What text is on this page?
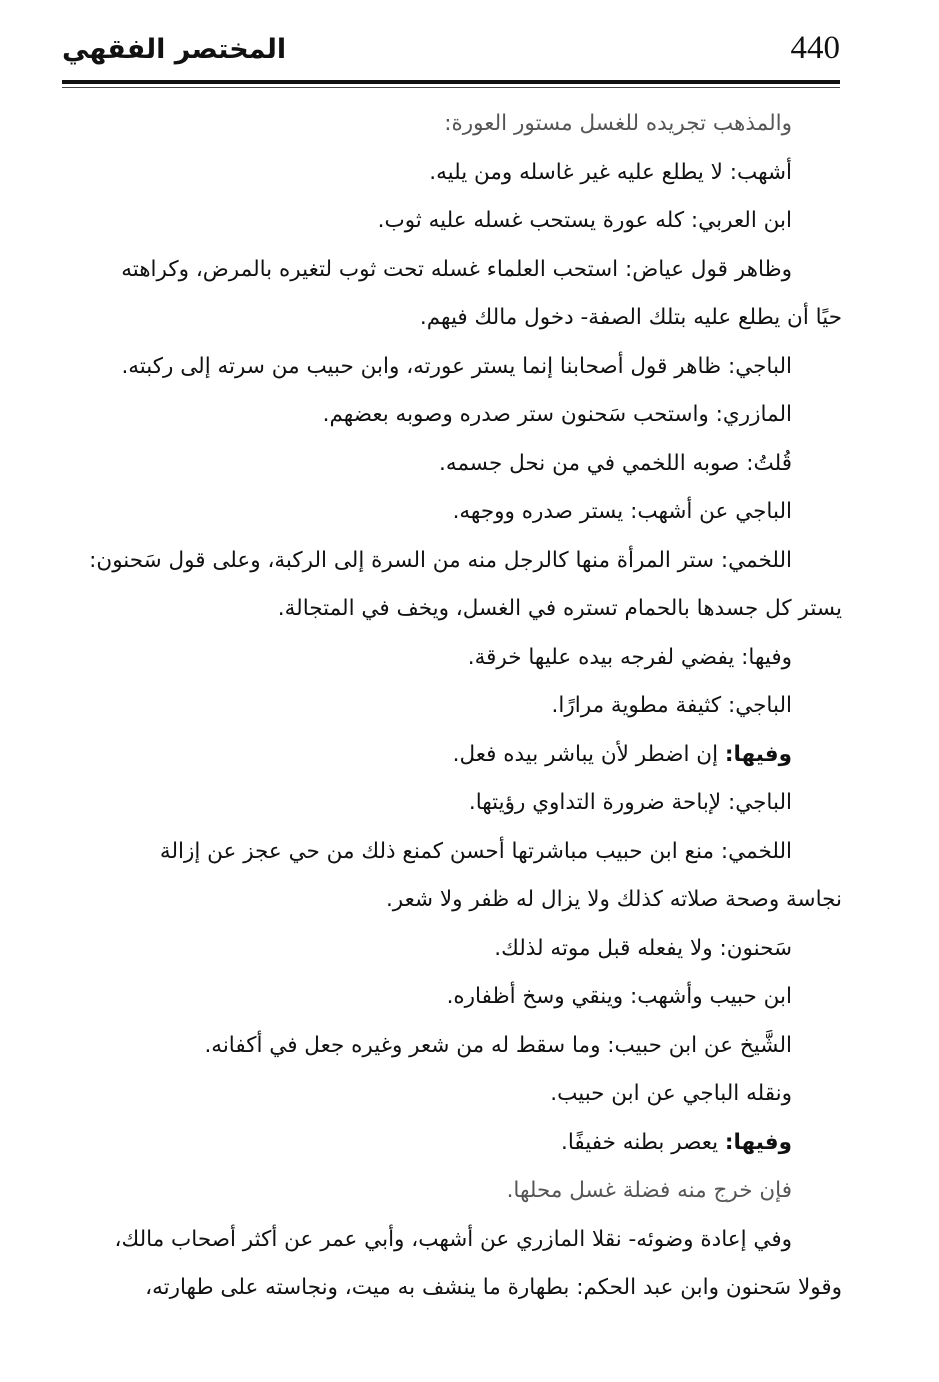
440
المختصر الفقهي
والمذهب تجريده للغسل مستور العورة:
أشهب: لا يطلع عليه غير غاسله ومن يليه.
ابن العربي: كله عورة يستحب غسله عليه ثوب.
وظاهر قول عياض: استحب العلماء غسله تحت ثوب لتغيره بالمرض، وكراهته
حيًا أن يطلع عليه بتلك الصفة- دخول مالك فيهم.
الباجي: ظاهر قول أصحابنا إنما يستر عورته، وابن حبيب من سرته إلى ركبته.
المازري: واستحب سَحنون ستر صدره وصوبه بعضهم.
قُلتُ: صوبه اللخمي في من نحل جسمه.
الباجي عن أشهب: يستر صدره ووجهه.
اللخمي: ستر المرأة منها كالرجل منه من السرة إلى الركبة، وعلى قول سَحنون:
يستر كل جسدها بالحمام تستره في الغسل، ويخف في المتجالة.
وفيها: يفضي لفرجه بيده عليها خرقة.
الباجي: كثيفة مطوية مرارًا.
وفيها: إن اضطر لأن يباشر بيده فعل.
الباجي: لإباحة ضرورة التداوي رؤيتها.
اللخمي: منع ابن حبيب مباشرتها أحسن كمنع ذلك من حي عجز عن إزالة
نجاسة وصحة صلاته كذلك ولا يزال له ظفر ولا شعر.
سَحنون: ولا يفعله قبل موته لذلك.
ابن حبيب وأشهب: وينقي وسخ أظفاره.
الشَّيخ عن ابن حبيب: وما سقط له من شعر وغيره جعل في أكفانه.
ونقله الباجي عن ابن حبيب.
وفيها: يعصر بطنه خفيفًا.
فإن خرج منه فضلة غسل محلها.
وفي إعادة وضوئه- نقلا المازري عن أشهب، وأبي عمر عن أكثر أصحاب مالك،
وقولا سَحنون وابن عبد الحكم: بطهارة ما ينشف به ميت، ونجاسته على طهارته،
